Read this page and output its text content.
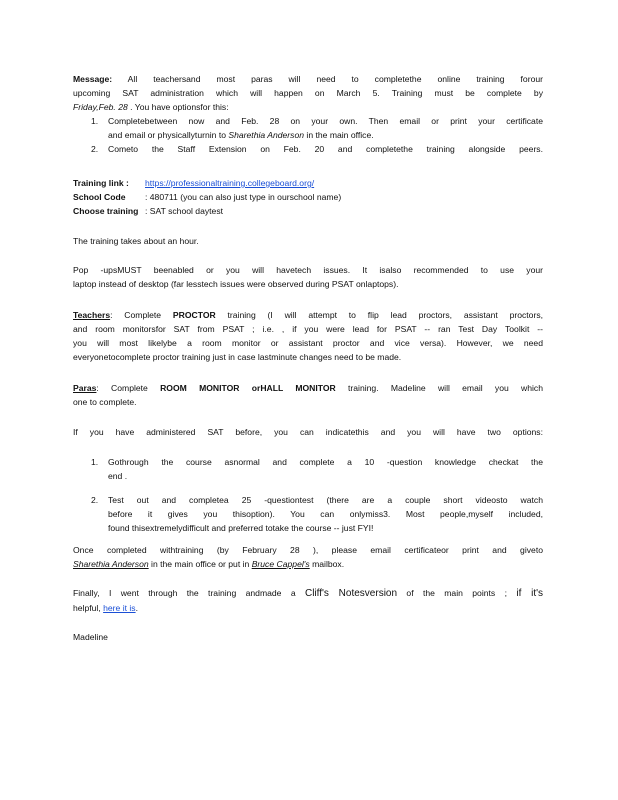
Message: All teachersand most paras will need to completethe online training forour
upcoming SAT administration which will happen on March 5. Training must be complete by
Friday,Feb. 28 . You have optionsfor this:
1. Completebetween now and Feb. 28 on your own. Then email or print your certificate
and email or physicallyturnin to Sharethia Anderson in the main office.
2. Cometo the Staff Extension on Feb. 20 and completethe training alongside peers.
Training link : https://professionaltraining.collegeboard.org/
School Code : 480711 (you can also just type in ourschool name)
Choose training : SAT school daytest
The training takes about an hour.
Pop -upsMUST beenabled or you will havetech issues. It isalso recommended to use your
laptop instead of desktop (far lesstech issues were observed during PSAT onlaptops).
Teachers: Complete PROCTOR training (I will attempt to flip lead proctors, assistant proctors,
and room monitorsfor SAT from PSAT ; i.e. , if you were lead for PSAT -- ran Test Day Toolkit --
you will most likelybe a room monitor or assistant proctor and vice versa). However, we need
everyonetocomplete proctor training just in case lastminute changes need to be made.
Paras: Complete ROOM MONITOR orHALL MONITOR training. Madeline will email you which
one to complete.
If you have administered SAT before, you can indicatethis and you will have two options:
1. Gothrough the course asnormal and complete a 10 -question knowledge checkat the
end .
2. Test out and completea 25 -questiontest (there are a couple short videosto watch
before it gives you thisoption). You can onlymiss3. Most people,myself included,
found thisextremelydifficult and preferred totake the course -- just FYI!
Once completed withtraining (by February 28 ), please email certificateor print and giveto
Sharethia Anderson in the main office or put in Bruce Cappel's mailbox.
Finally, I went through the training andmade a Cliff's Notesversion of the main points ; if it's
helpful, here it is.
Madeline
